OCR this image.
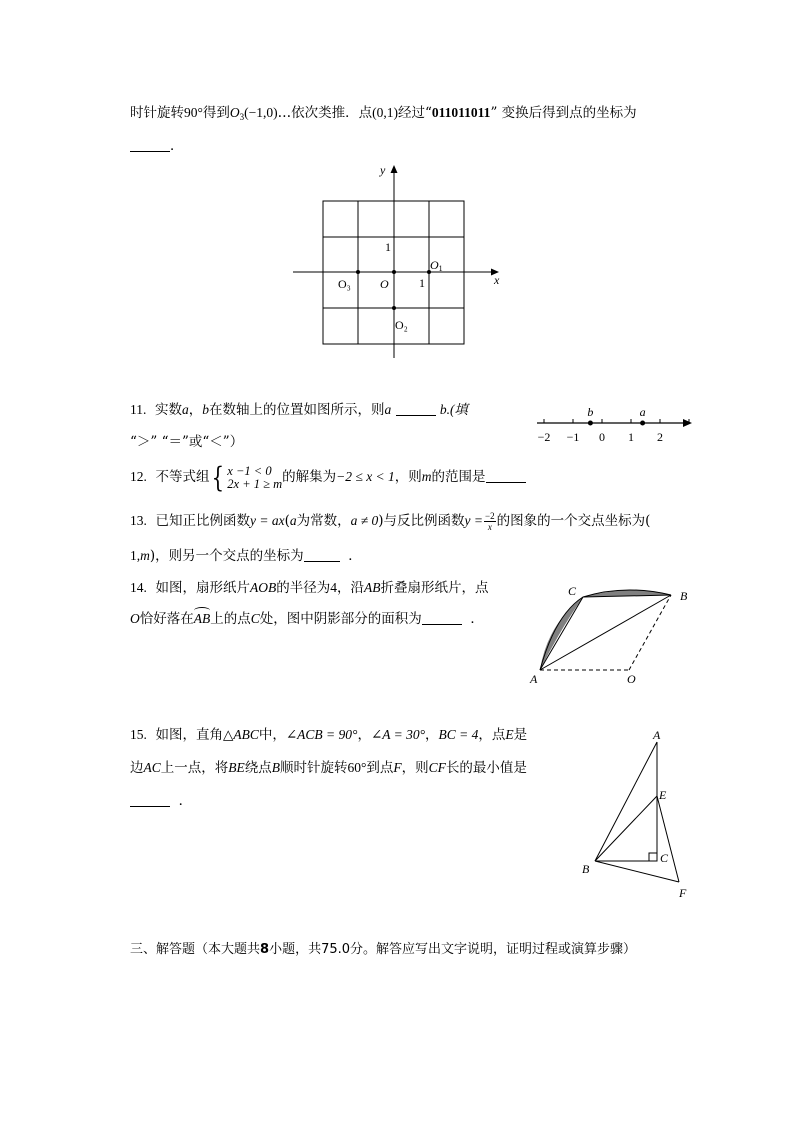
时针旋转90°得到$O_3(-1,0)\dots$依次类推．点(0,1)经过“011011011” 变换后得到点的坐标为
．
y
x
1
1
O
O1
O₂
O₃
11. 实数a，b在数轴上的位置如图所示，则a	b.(填
“＞” “＝”或“＜”）	−2 −1 0 1 2
b	a
12. 不等式组{ x −1 < 0
2x + 1 ≥ m 的解集为−2 ≤ x < 1，则m的范围是
13. 已知正比例函数y = ax(a为常数，a ≠ 0)与反比例函数$y = \frac{-2}{x}$ 的图象的一个交点坐标为(
1,m)，则另一个交点的坐标为	．
14. 如图，扇形纸片AOB的半径为4，沿AB折叠扇形纸片，点
O恰好落在AB上的点C处，图中阴影部分的面积为	．
A
B
C
O
15. 如图，直角△ABC中，∠ACB = 90°，∠A = 30°，BC = 4，点E是
边AC上一点，将BE绕点B顺时针旋转60°到点F，则CF长的最小值是
．
A
E
C
B
F
三、解答题（本大题共8小题，共75.0分。解答应写出文字说明，证明过程或演算步骤）
